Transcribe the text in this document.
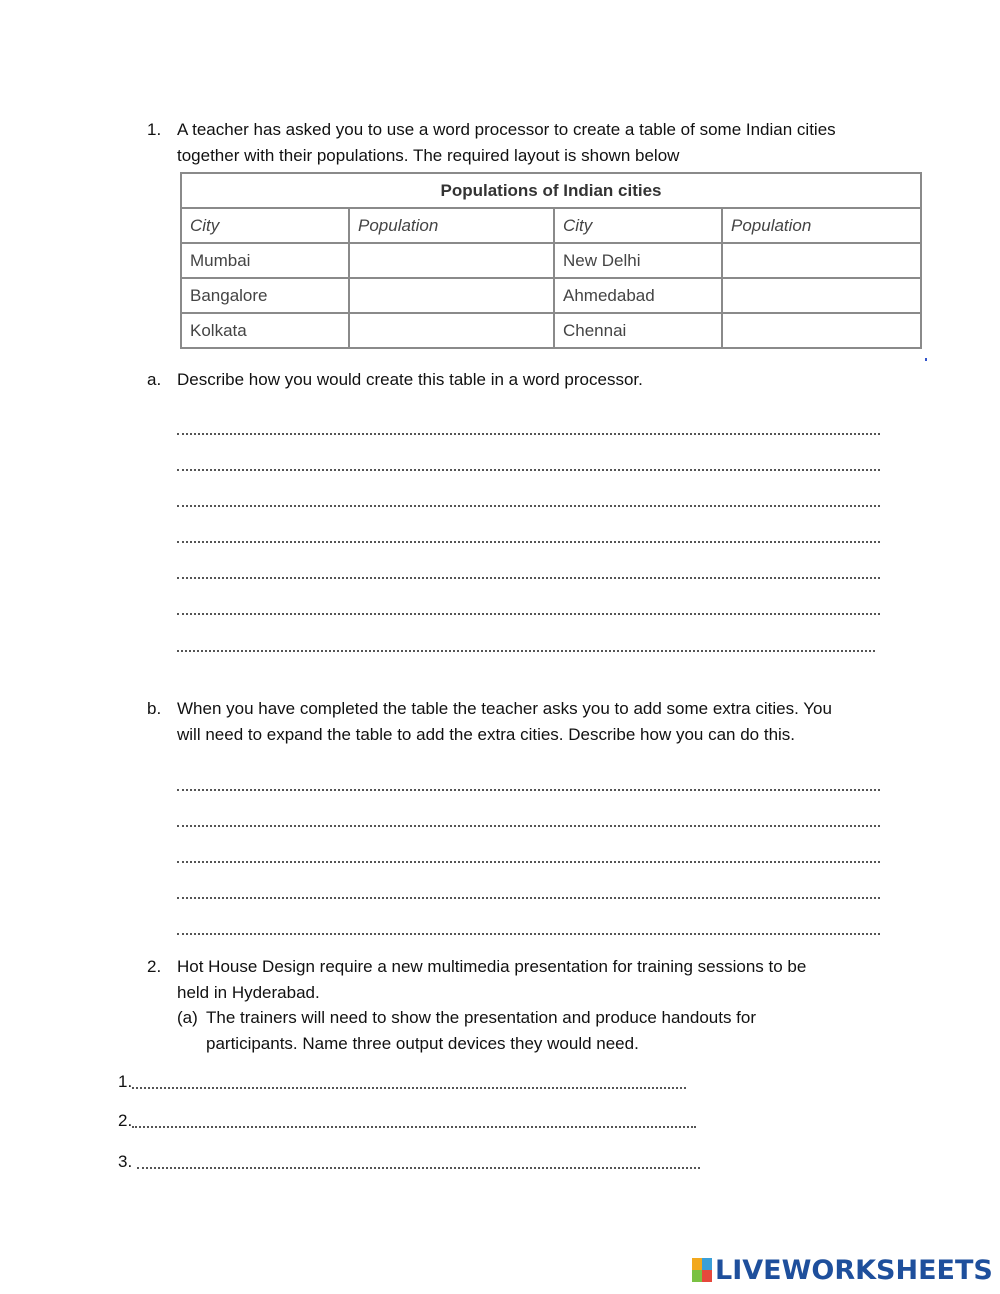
1. A teacher has asked you to use a word processor to create a table of some Indian cities
together with their populations. The required layout is shown below
Populations of Indian cities			
City	Population	City	Population
Mumbai		New Delhi	
Bangalore		Ahmedabad	
Kolkata		Chennai	
a. Describe how you would create this table in a word processor.
b. When you have completed the table the teacher asks you to add some extra cities. You
will need to expand the table to add the extra cities. Describe how you can do this.
2. Hot House Design require a new multimedia presentation for training sessions to be
held in Hyderabad.
(a) The trainers will need to show the presentation and produce handouts for
participants. Name three output devices they would need.
1.
2.
3.
LIVEWORKSHEETS
